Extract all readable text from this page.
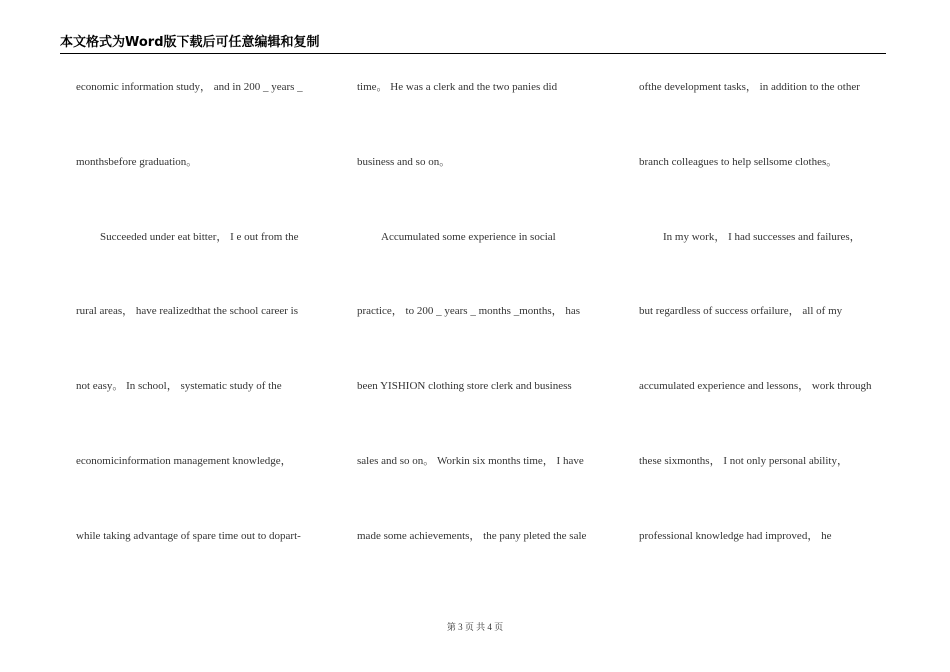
本文格式为Word版下载后可任意编辑和复制
economic information study， and in 200 _ years _
monthsbefore graduation。
Succeeded under eat bitter， I e out from the
rural areas， have realizedthat the school career is
not easy。 In school， systematic study of the
economicinformation management knowledge，
while taking advantage of spare time out to dopart-
time。 He was a clerk and the two panies did
business and so on。
Accumulated some experience in social
practice， to 200 _ years _ months _months， has
been YISHION clothing store clerk and business
sales and so on。 Workin six months time， I have
made some achievements， the pany pleted the sale
ofthe development tasks， in addition to the other
branch colleagues to help sellsome clothes。
In my work， I had successes and failures，
but regardless of success orfailure， all of my
accumulated experience and lessons， work through
these sixmonths， I not only personal ability，
professional knowledge had improved， he
第 3 页 共 4 页
